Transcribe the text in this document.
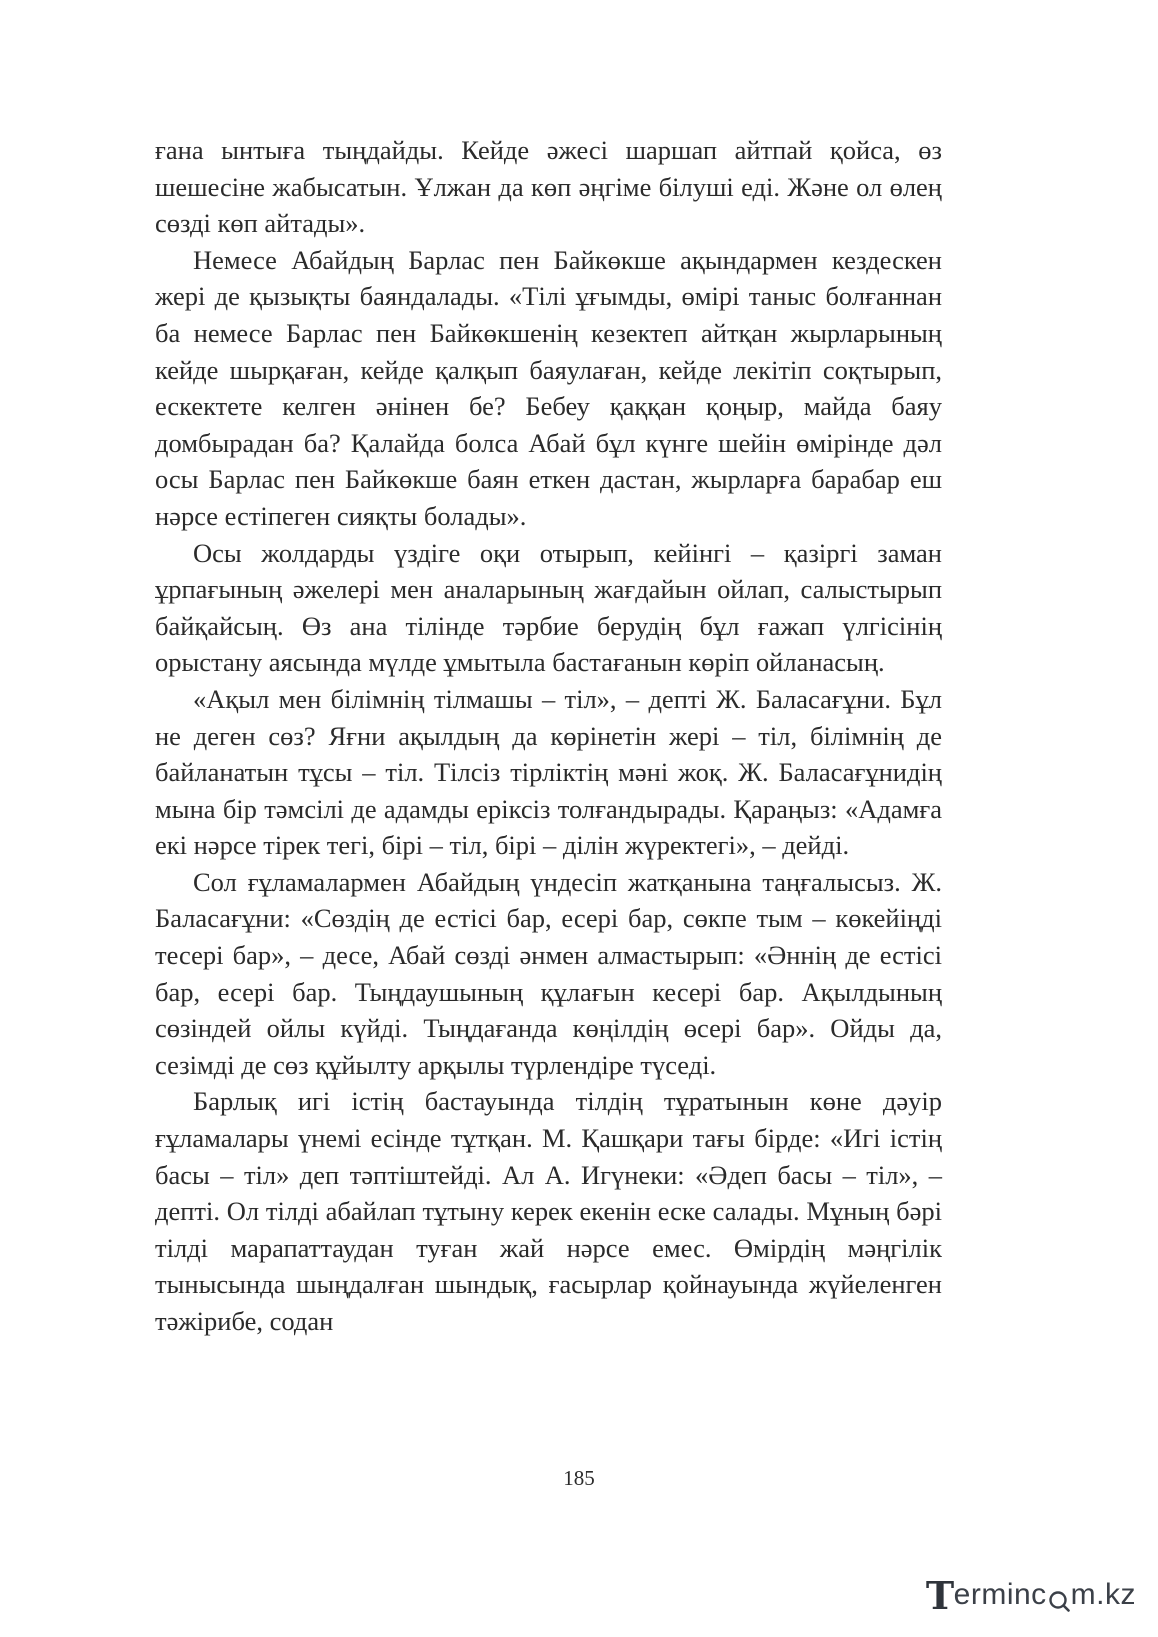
ғана ынтыға тыңдайды. Кейде әжесі шаршап айтпай қойса, өз шешесіне жабысатын. Ұлжан да көп әңгіме білуші еді. Және ол өлең сөзді көп айтады».

Немесе Абайдың Барлас пен Байкөкше ақындармен кездескен жері де қызықты баяндалады. «Тілі ұғымды, өмірі таныс болғаннан ба немесе Барлас пен Байкөкшенің кезектеп айтқан жырларының кейде шырқаған, кейде қалқып баяулаған, кейде лекітіп соқтырып, ескектете келген әнінен бе? Бебеу қаққан қоңыр, майда баяу домбырадан ба? Қалайда болса Абай бұл күнге шейін өмірінде дәл осы Барлас пен Байкөкше баян еткен дастан, жырларға барабар еш нәрсе естіпеген сияқты болады».

Осы жолдарды үздіге оқи отырып, кейінгі – қазіргі заман ұрпағының әжелері мен аналарының жағдайын ойлап, салыстырып байқайсың. Өз ана тілінде тәрбие берудің бұл ғажап үлгісінің орыстану аясында мүлде ұмытыла бастағанын көріп ойланасың.

«Ақыл мен білімнің тілмашы – тіл», – депті Ж. Баласағұни. Бұл не деген сөз? Яғни ақылдың да көрінетін жері – тіл, білімнің де байланатын тұсы – тіл. Тілсіз тірліктің мәні жоқ. Ж. Баласағұнидің мына бір тәмсілі де адамды еріксіз толғандырады. Қараңыз: «Адамға екі нәрсе тірек тегі, бірі – тіл, бірі – ділін жүректегі», – дейді.

Сол ғұламалармен Абайдың үндесіп жатқанына таңғалысыз. Ж. Баласағұни: «Сөздің де естісі бар, есері бар, сөкпе тым – көкейіңді тесері бар», – десе, Абай сөзді әнмен алмастырып: «Әннің де естісі бар, есері бар. Тыңдаушының құлағын кесері бар. Ақылдының сөзіндей ойлы күйді. Тыңдағанда көңілдің өсері бар». Ойды да, сезімді де сөз құйылту арқылы түрлендіре түседі.

Барлық игі істің бастауында тілдің тұратынын көне дәуір ғұламалары үнемі есінде тұтқан. М. Қашқари тағы бірде: «Игі істің басы – тіл» деп тәптіштейді. Ал А. Игүнеки: «Әдеп басы – тіл», – депті. Ол тілді абайлап тұтыну керек екенін еске салады. Мұның бәрі тілді марапаттаудан туған жай нәрсе емес. Өмірдің мәңгілік тынысында шыңдалған шындық, ғасырлар қойнауында жүйеленген тәжірибе, содан

185
T erminc m.kz
